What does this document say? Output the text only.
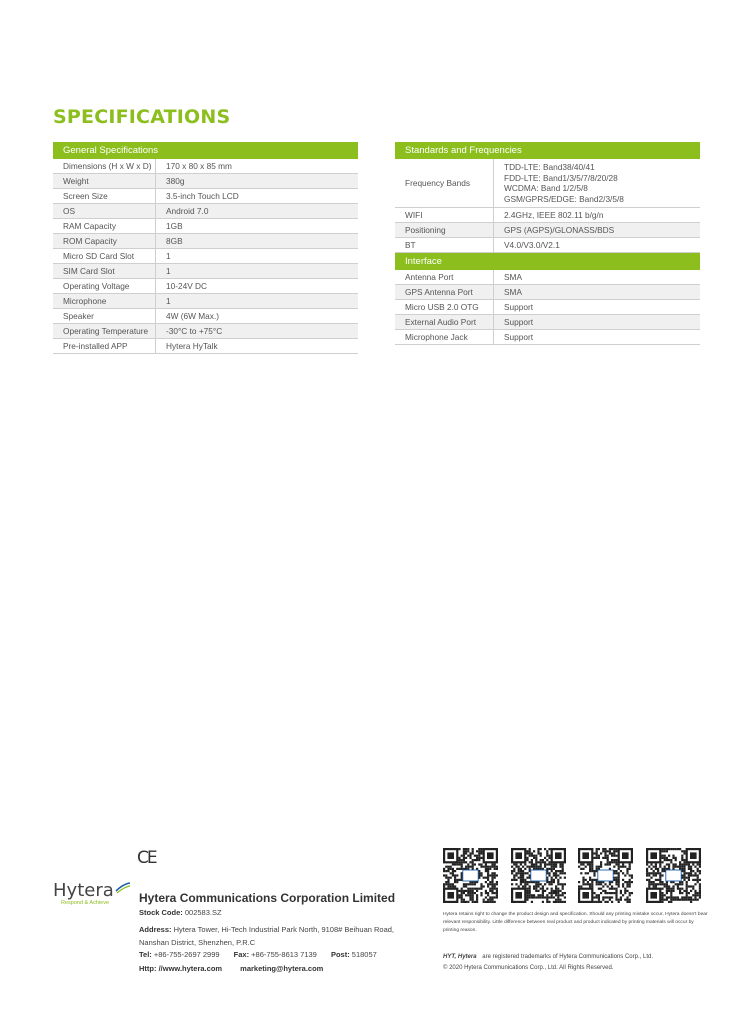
SPECIFICATIONS
General Specifications	
Dimensions (H x W x D)	170 x 80 x 85 mm
Weight	380g
Screen Size	3.5-inch Touch LCD
OS	Android 7.0
RAM Capacity	1GB
ROM Capacity	8GB
Micro SD Card Slot	1
SIM Card Slot	1
Operating Voltage	10-24V DC
Microphone	1
Speaker	4W (6W Max.)
Operating Temperature	-30°C to +75°C
Pre-installed APP	Hytera HyTalk
Standards and Frequencies	
Frequency Bands	TDD-LTE: Band38/40/41
FDD-LTE: Band1/3/5/7/8/20/28
WCDMA: Band 1/2/5/8
GSM/GPRS/EDGE: Band2/3/5/8

WIFI	2.4GHz, IEEE 802.11 b/g/n
Positioning	GPS (AGPS)/GLONASS/BDS
BT	V4.0/V3.0/V2.1
Interface	
Antenna Port	SMA
GPS Antenna Port	SMA
Micro USB 2.0 OTG	Support
External Audio Port	Support
Microphone Jack	Support
CE
Hytera
Respond & Achieve	Hytera Communications Corporation Limited
Stock Code: 002583.SZ
Address: Hytera Tower, Hi-Tech Industrial Park North, 9108# Beihuan Road, Nanshan District, Shenzhen, P.R.C
Tel: +86-755-2697 2999 Fax: +86-755-8613 7139 Post: 518057
Http: //www.hytera.com marketing@hytera.com
Hytera retains right to change the product design and specification. Should any printing mistake occur, Hytera doesn't bear relevant responsibility. Little difference between real product and product indicated by printing materials will occur by printing reason.
HYT, Hytera are registered trademarks of Hytera Communications Corp., Ltd.
© 2020 Hytera Communications Corp., Ltd. All Rights Reserved.
